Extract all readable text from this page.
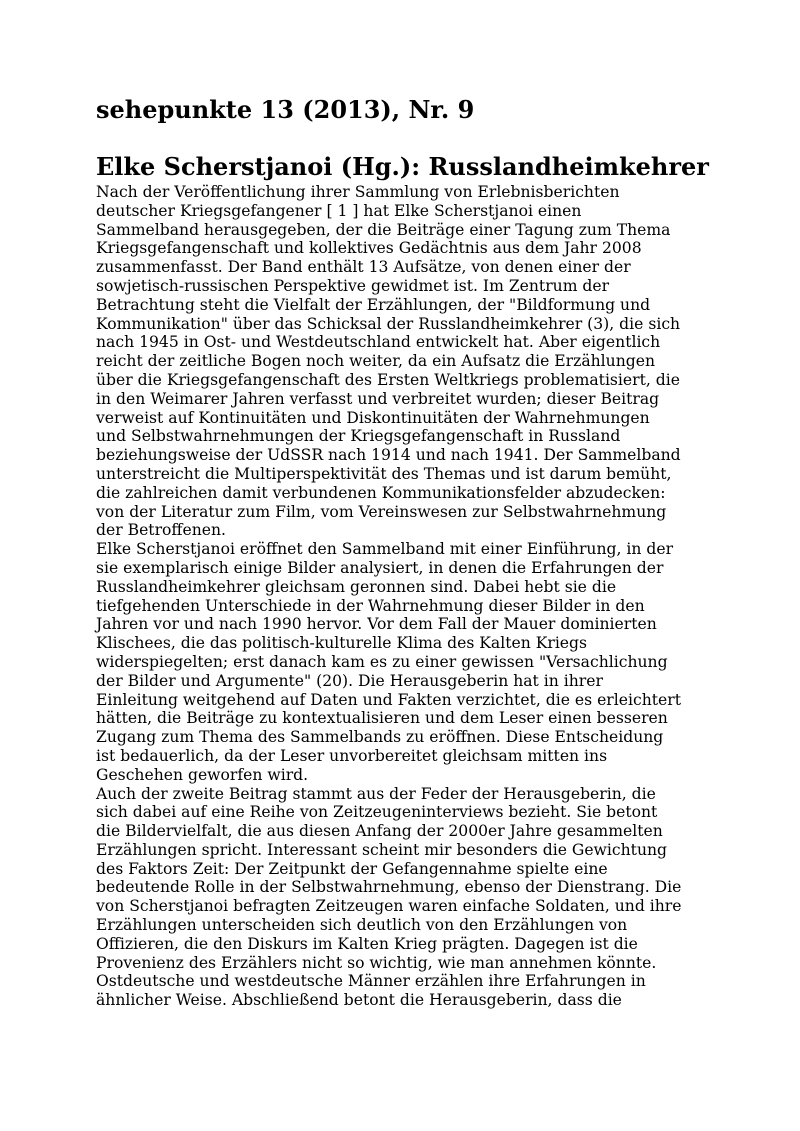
sehepunkte 13 (2013), Nr. 9
Elke Scherstjanoi (Hg.): Russlandheimkehrer
Nach der Veröffentlichung ihrer Sammlung von Erlebnisberichten
deutscher Kriegsgefangener [ 1 ] hat Elke Scherstjanoi einen
Sammelband herausgegeben, der die Beiträge einer Tagung zum Thema
Kriegsgefangenschaft und kollektives Gedächtnis aus dem Jahr 2008
zusammenfasst. Der Band enthält 13 Aufsätze, von denen einer der
sowjetisch-russischen Perspektive gewidmet ist. Im Zentrum der
Betrachtung steht die Vielfalt der Erzählungen, der "Bildformung und
Kommunikation" über das Schicksal der Russlandheimkehrer (3), die sich
nach 1945 in Ost- und Westdeutschland entwickelt hat. Aber eigentlich
reicht der zeitliche Bogen noch weiter, da ein Aufsatz die Erzählungen
über die Kriegsgefangenschaft des Ersten Weltkriegs problematisiert, die
in den Weimarer Jahren verfasst und verbreitet wurden; dieser Beitrag
verweist auf Kontinuitäten und Diskontinuitäten der Wahrnehmungen
und Selbstwahrnehmungen der Kriegsgefangenschaft in Russland
beziehungsweise der UdSSR nach 1914 und nach 1941. Der Sammelband
unterstreicht die Multiperspektivität des Themas und ist darum bemüht,
die zahlreichen damit verbundenen Kommunikationsfelder abzudecken:
von der Literatur zum Film, vom Vereinswesen zur Selbstwahrnehmung
der Betroffenen.
Elke Scherstjanoi eröffnet den Sammelband mit einer Einführung, in der
sie exemplarisch einige Bilder analysiert, in denen die Erfahrungen der
Russlandheimkehrer gleichsam geronnen sind. Dabei hebt sie die
tiefgehenden Unterschiede in der Wahrnehmung dieser Bilder in den
Jahren vor und nach 1990 hervor. Vor dem Fall der Mauer dominierten
Klischees, die das politisch-kulturelle Klima des Kalten Kriegs
widerspiegelten; erst danach kam es zu einer gewissen "Versachlichung
der Bilder und Argumente" (20). Die Herausgeberin hat in ihrer
Einleitung weitgehend auf Daten und Fakten verzichtet, die es erleichtert
hätten, die Beiträge zu kontextualisieren und dem Leser einen besseren
Zugang zum Thema des Sammelbands zu eröffnen. Diese Entscheidung
ist bedauerlich, da der Leser unvorbereitet gleichsam mitten ins
Geschehen geworfen wird.
Auch der zweite Beitrag stammt aus der Feder der Herausgeberin, die
sich dabei auf eine Reihe von Zeitzeugeninterviews bezieht. Sie betont
die Bildervielfalt, die aus diesen Anfang der 2000er Jahre gesammelten
Erzählungen spricht. Interessant scheint mir besonders die Gewichtung
des Faktors Zeit: Der Zeitpunkt der Gefangennahme spielte eine
bedeutende Rolle in der Selbstwahrnehmung, ebenso der Dienstrang. Die
von Scherstjanoi befragten Zeitzeugen waren einfache Soldaten, und ihre
Erzählungen unterscheiden sich deutlich von den Erzählungen von
Offizieren, die den Diskurs im Kalten Krieg prägten. Dagegen ist die
Provenienz des Erzählers nicht so wichtig, wie man annehmen könnte.
Ostdeutsche und westdeutsche Männer erzählen ihre Erfahrungen in
ähnlicher Weise. Abschließend betont die Herausgeberin, dass die
